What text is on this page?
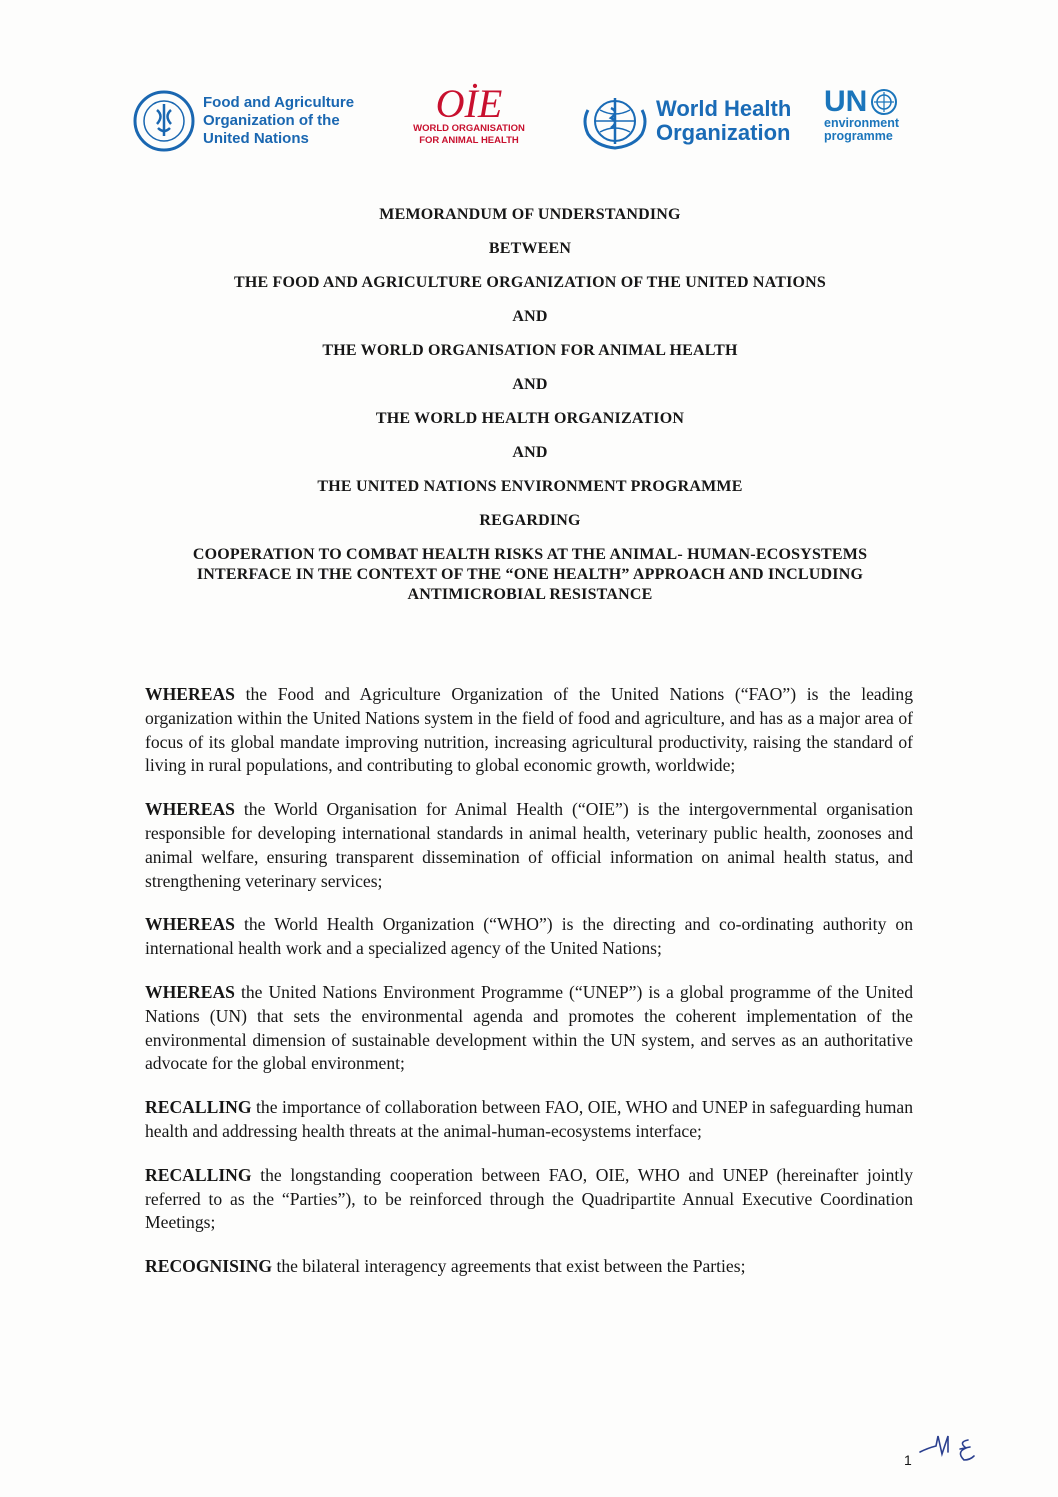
Food and Agriculture
Organization of the
United Nations
OİE
WORLD ORGANISATION
FOR ANIMAL HEALTH
World Health
Organization
UN
environment
programme

MEMORANDUM OF UNDERSTANDING

BETWEEN

THE FOOD AND AGRICULTURE ORGANIZATION OF THE UNITED NATIONS

AND

THE WORLD ORGANISATION FOR ANIMAL HEALTH

AND

THE WORLD HEALTH ORGANIZATION

AND

THE UNITED NATIONS ENVIRONMENT PROGRAMME

REGARDING

COOPERATION TO COMBAT HEALTH RISKS AT THE ANIMAL- HUMAN-ECOSYSTEMS INTERFACE IN THE CONTEXT OF THE “ONE HEALTH” APPROACH AND INCLUDING ANTIMICROBIAL RESISTANCE

WHEREAS the Food and Agriculture Organization of the United Nations (“FAO”) is the leading organization within the United Nations system in the field of food and agriculture, and has as a major area of focus of its global mandate improving nutrition, increasing agricultural productivity, raising the standard of living in rural populations, and contributing to global economic growth, worldwide;

WHEREAS the World Organisation for Animal Health (“OIE”) is the intergovernmental organisation responsible for developing international standards in animal health, veterinary public health, zoonoses and animal welfare, ensuring transparent dissemination of official information on animal health status, and strengthening veterinary services;

WHEREAS the World Health Organization (“WHO”) is the directing and co-ordinating authority on international health work and a specialized agency of the United Nations;

WHEREAS the United Nations Environment Programme (“UNEP”) is a global programme of the United Nations (UN) that sets the environmental agenda and promotes the coherent implementation of the environmental dimension of sustainable development within the UN system, and serves as an authoritative advocate for the global environment;

RECALLING the importance of collaboration between FAO, OIE, WHO and UNEP in safeguarding human health and addressing health threats at the animal-human-ecosystems interface;

RECALLING the longstanding cooperation between FAO, OIE, WHO and UNEP (hereinafter jointly referred to as the “Parties”), to be reinforced through the Quadripartite Annual Executive Coordination Meetings;

RECOGNISING the bilateral interagency agreements that exist between the Parties;

1
